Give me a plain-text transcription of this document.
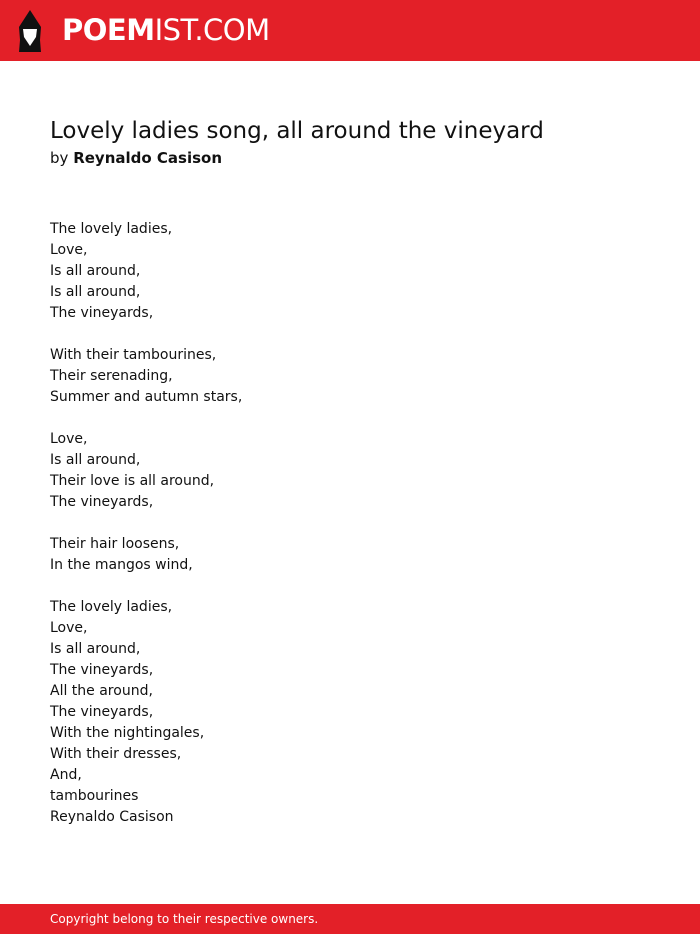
POEMIST.COM
Lovely ladies song, all around the vineyard
by Reynaldo Casison
The lovely ladies,
Love,
Is all around,
Is all around,
The vineyards,
With their tambourines,
Their serenading,
Summer and autumn stars,
Love,
Is all around,
Their love is all around,
The vineyards,
Their hair loosens,
In the mangos wind,
The lovely ladies,
Love,
Is all around,
The vineyards,
All the around,
The vineyards,
With the nightingales,
With their dresses,
And,
tambourines
Reynaldo Casison
Copyright belong to their respective owners.
